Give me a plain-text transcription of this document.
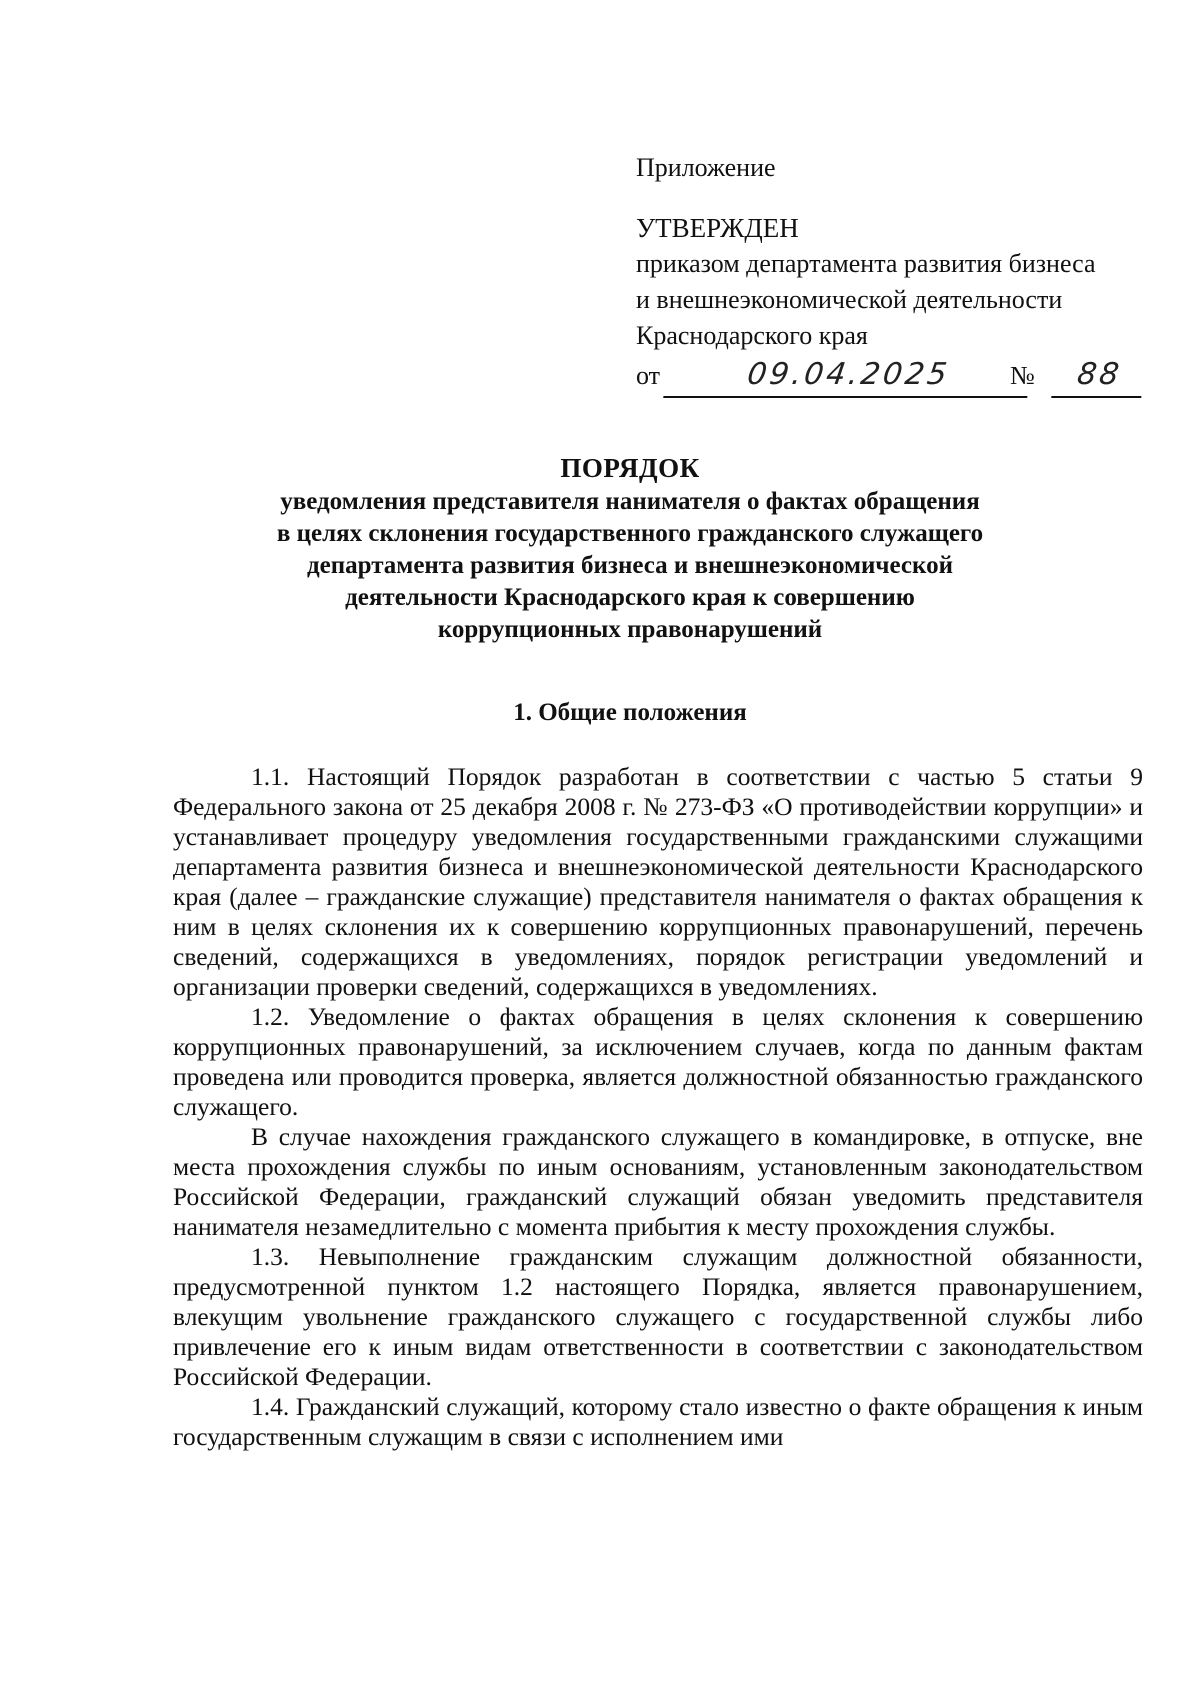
Приложение
УТВЕРЖДЕН
приказом департамента развития бизнеса
и внешнеэкономической деятельности
Краснодарского края
от	09.04.2025	№	88
ПОРЯДОК
уведомления представителя нанимателя о фактах обращения
в целях склонения государственного гражданского служащего
департамента развития бизнеса и внешнеэкономической
деятельности Краснодарского края к совершению
коррупционных правонарушений
1. Общие положения

1.1. Настоящий Порядок разработан в соответствии с частью 5 статьи 9 Федерального закона от 25 декабря 2008 г. № 273-ФЗ «О противодействии коррупции» и устанавливает процедуру уведомления государственными гражданскими служащими департамента развития бизнеса и внешнеэкономической деятельности Краснодарского края (далее – гражданские служащие) представителя нанимателя о фактах обращения к ним в целях склонения их к совершению коррупционных правонарушений, перечень сведений, содержащихся в уведомлениях, порядок регистрации уведомлений и организации проверки сведений, содержащихся в уведомлениях.

1.2. Уведомление о фактах обращения в целях склонения к совершению коррупционных правонарушений, за исключением случаев, когда по данным фактам проведена или проводится проверка, является должностной обязанностью гражданского служащего.

В случае нахождения гражданского служащего в командировке, в отпуске, вне места прохождения службы по иным основаниям, установленным законодательством Российской Федерации, гражданский служащий обязан уведомить представителя нанимателя незамедлительно с момента прибытия к месту прохождения службы.

1.3. Невыполнение гражданским служащим должностной обязанности, предусмотренной пунктом 1.2 настоящего Порядка, является правонарушением, влекущим увольнение гражданского служащего с государственной службы либо привлечение его к иным видам ответственности в соответствии с законодательством Российской Федерации.

1.4. Гражданский служащий, которому стало известно о факте обращения к иным государственным служащим в связи с исполнением ими
